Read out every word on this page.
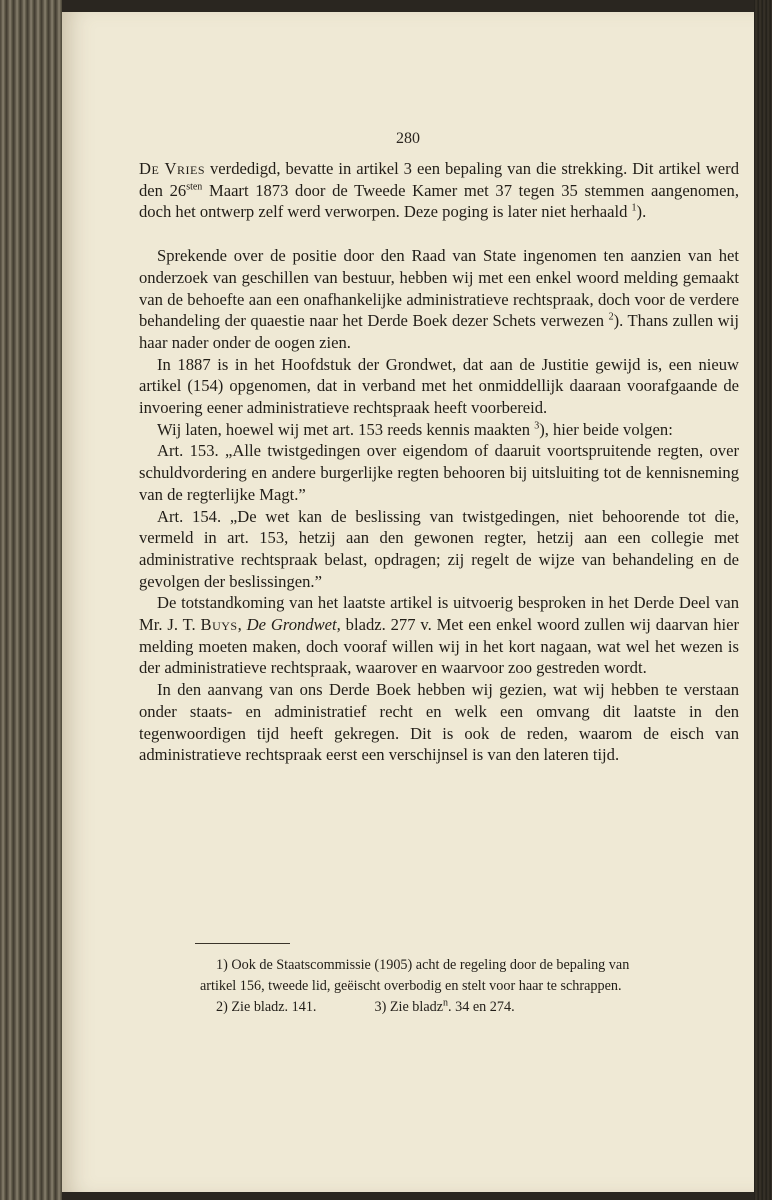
280

De Vries verdedigd, bevatte in artikel 3 een bepaling van die strekking. Dit artikel werd den $26^{sten}$ Maart 1873 door de Tweede Kamer met 37 tegen 35 stemmen aangenomen, doch het ontwerp zelf werd verworpen. Deze poging is later niet herhaald $^1$).

Sprekende over de positie door den Raad van State ingenomen ten aanzien van het onderzoek van geschillen van bestuur, hebben wij met een enkel woord melding gemaakt van de behoefte aan een onafhankelijke administratieve rechtspraak, doch voor de verdere behandeling der quaestie naar het Derde Boek dezer Schets verwezen $^2$). Thans zullen wij haar nader onder de oogen zien.

In 1887 is in het Hoofdstuk der Grondwet, dat aan de Justitie gewijd is, een nieuw artikel (154) opgenomen, dat in verband met het onmiddellijk daaraan voorafgaande de invoering eener administratieve rechtspraak heeft voorbereid.

Wij laten, hoewel wij met art. 153 reeds kennis maakten $^3$), hier beide volgen:

Art. 153. „Alle twistgedingen over eigendom of daaruit voortspruitende regten, over schuldvordering en andere burgerlijke regten behooren bij uitsluiting tot de kennisneming van de regterlijke Magt.”

Art. 154. „De wet kan de beslissing van twistgedingen, niet behoorende tot die, vermeld in art. 153, hetzij aan den gewonen regter, hetzij aan een collegie met administrative rechtspraak belast, opdragen; zij regelt de wijze van behandeling en de gevolgen der beslissingen.”

De totstandkoming van het laatste artikel is uitvoerig besproken in het Derde Deel van Mr. J. T. Buys, De Grondwet, bladz. 277 v. Met een enkel woord zullen wij daarvan hier melding moeten maken, doch vooraf willen wij in het kort nagaan, wat wel het wezen is der administratieve rechtspraak, waarover en waarvoor zoo gestreden wordt.

In den aanvang van ons Derde Boek hebben wij gezien, wat wij hebben te verstaan onder staats- en administratief recht en welk een omvang dit laatste in den tegenwoordigen tijd heeft gekregen. Dit is ook de reden, waarom de eisch van administratieve rechtspraak eerst een verschijnsel is van den lateren tijd.

1) Ook de Staatscommissie (1905) acht de regeling door de bepaling van

artikel 156, tweede lid, geëischt overbodig en stelt voor haar te schrappen.

2) Zie bladz. 141.	3) Zie bladz$^n$. 34 en 274.
